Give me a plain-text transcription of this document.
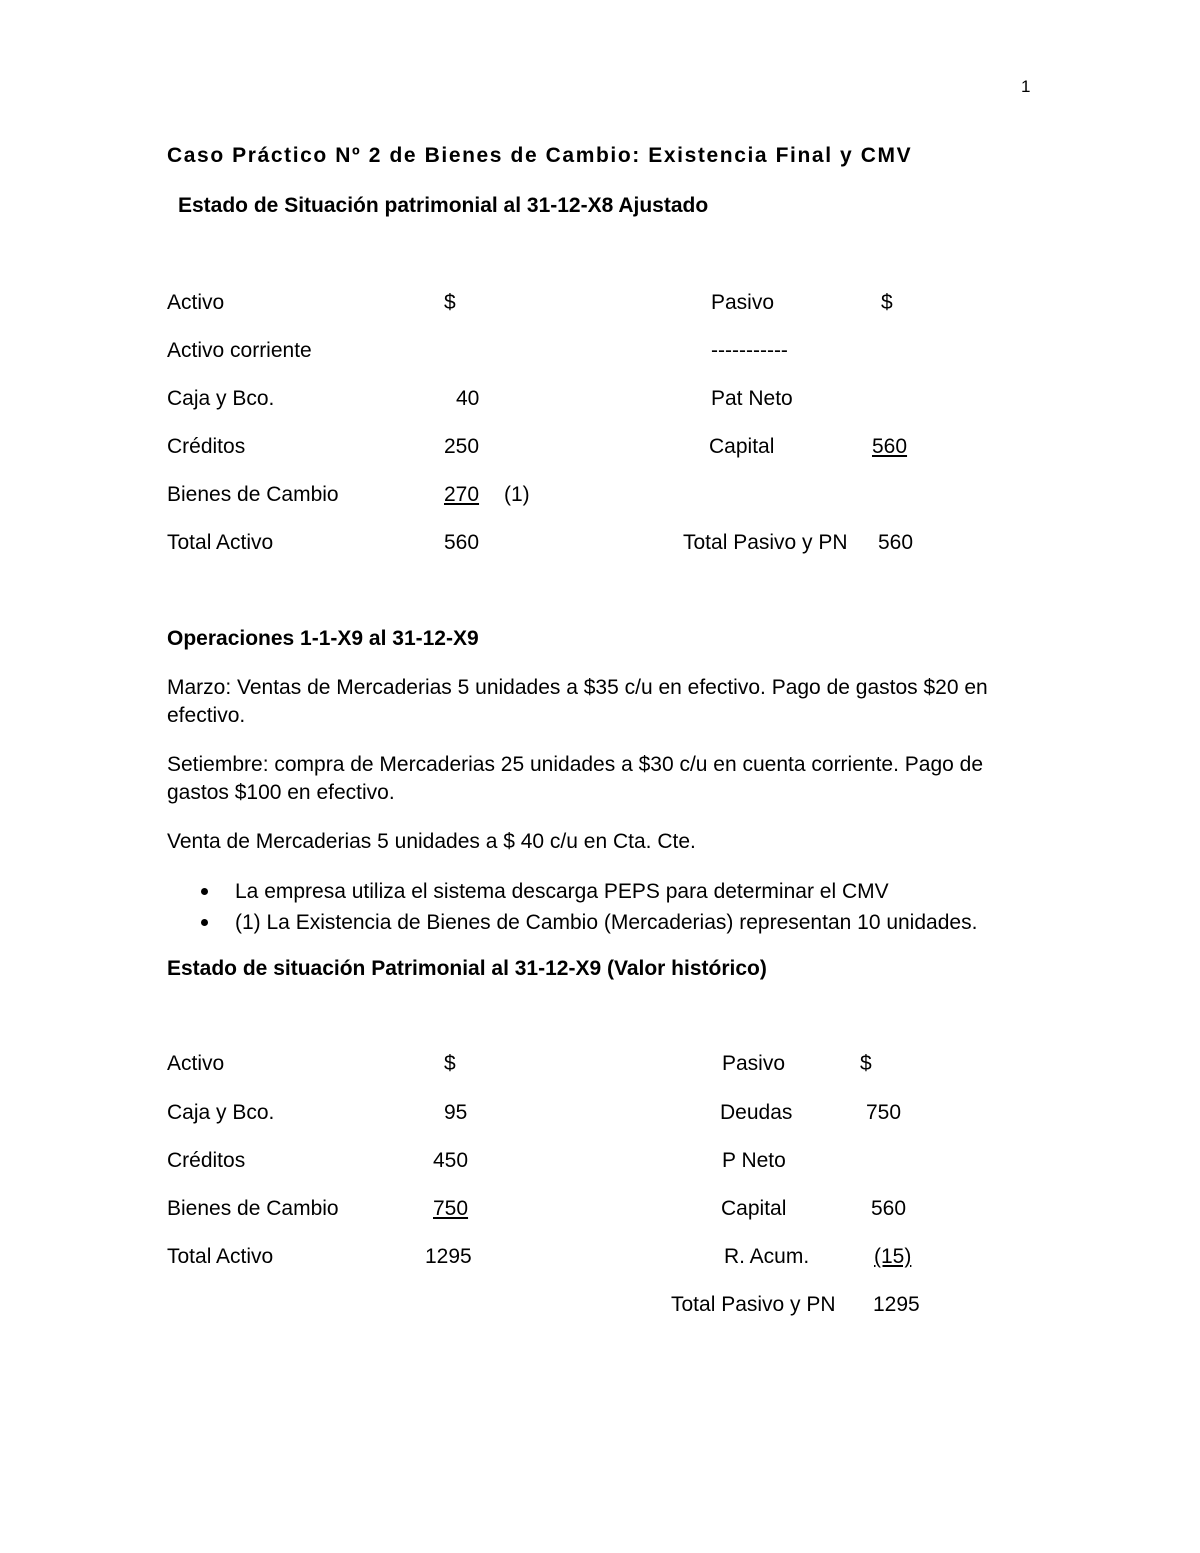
1
Caso Práctico Nº 2 de Bienes de Cambio: Existencia Final y CMV
Estado de Situación patrimonial al 31-12-X8 Ajustado
Activo	$	Pasivo	$
Activo corriente	-----------
Caja y Bco.	40	Pat Neto
Créditos	250	Capital	560
Bienes de Cambio	270	(1)
Total Activo	560	Total Pasivo y PN 560
Operaciones 1-1-X9 al 31-12-X9
Marzo: Ventas de Mercaderias 5 unidades a $35 c/u en efectivo. Pago de gastos $20 en efectivo.
Setiembre: compra de Mercaderias 25 unidades a $30 c/u en cuenta corriente. Pago de gastos $100 en efectivo.
Venta de Mercaderias 5 unidades a $ 40 c/u en Cta. Cte.
La empresa utiliza el sistema descarga PEPS para determinar el CMV
(1) La Existencia de Bienes de Cambio (Mercaderias) representan 10 unidades.
Estado de situación Patrimonial al 31-12-X9 (Valor histórico)
Activo	$	Pasivo	$
Caja y Bco.	95	Deudas	750
Créditos	450	P Neto
Bienes de Cambio	750	Capital	560
Total Activo	1295	R. Acum.	(15)
Total Pasivo y PN 1295
